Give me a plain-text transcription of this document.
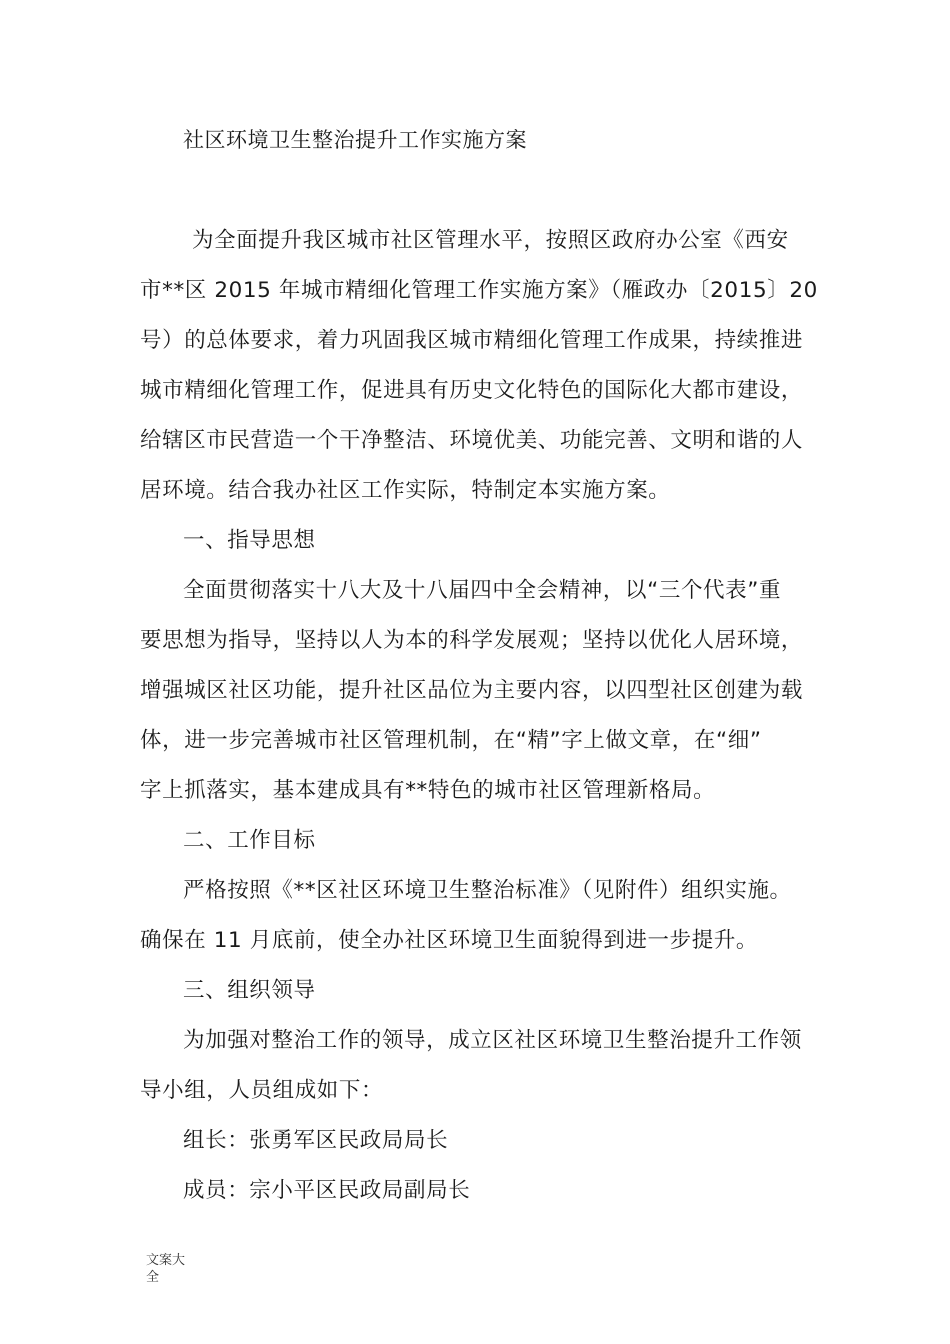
社区环境卫生整治提升工作实施方案
为全面提升我区城市社区管理水平，按照区政府办公室《西安
市**区 2015 年城市精细化管理工作实施方案》（雁政办〔2015〕20
号）的总体要求，着力巩固我区城市精细化管理工作成果，持续推进
城市精细化管理工作，促进具有历史文化特色的国际化大都市建设，
给辖区市民营造一个干净整洁、环境优美、功能完善、文明和谐的人
居环境。结合我办社区工作实际，特制定本实施方案。
一、指导思想
全面贯彻落实十八大及十八届四中全会精神，以“三个代表”重
要思想为指导，坚持以人为本的科学发展观；坚持以优化人居环境，
增强城区社区功能，提升社区品位为主要内容，以四型社区创建为载
体，进一步完善城市社区管理机制，在“精”字上做文章，在“细”
字上抓落实，基本建成具有**特色的城市社区管理新格局。
二、工作目标
严格按照《**区社区环境卫生整治标准》（见附件）组织实施。
确保在 11 月底前，使全办社区环境卫生面貌得到进一步提升。
三、组织领导
为加强对整治工作的领导，成立区社区环境卫生整治提升工作领
导小组，人员组成如下：
组长：张勇军区民政局局长
成员：宗小平区民政局副局长
文案大全
